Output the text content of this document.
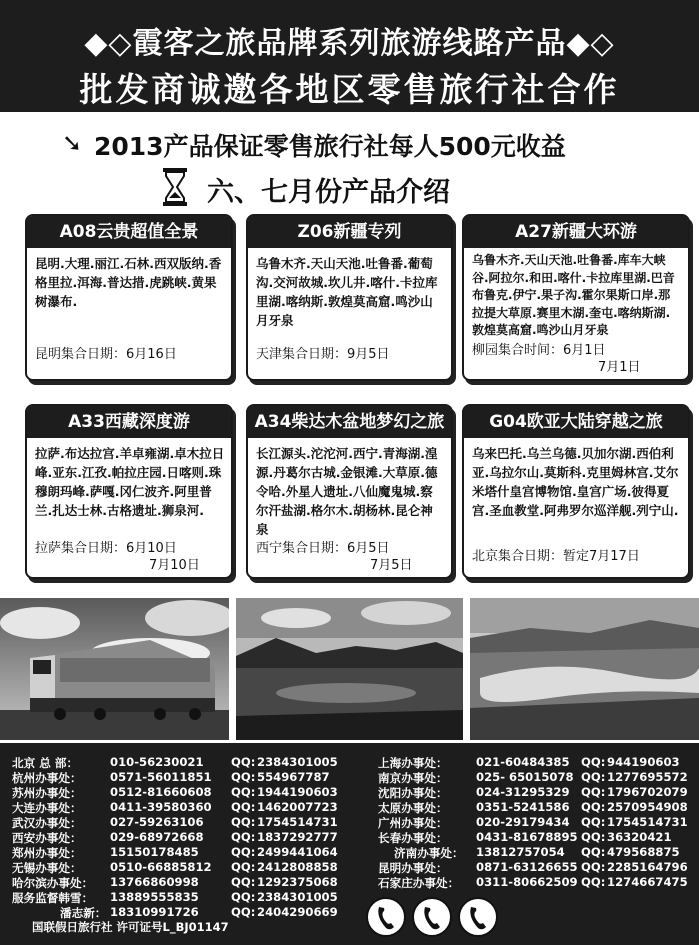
◆◇霞客之旅品牌系列旅游线路产品◆◇
批发商诚邀各地区零售旅行社合作
➘ 2013产品保证零售旅行社每人500元收益
六、七月份产品介绍
A08云贵超值全景
昆明.大理.丽江.石林.西双版纳.香格里拉.洱海.普达措.虎跳峡.黄果树瀑布.
昆明集合日期：6月16日
Z06新疆专列
乌鲁木齐.天山天池.吐鲁番.葡萄沟.交河故城.坎儿井.喀什.卡拉库里湖.喀纳斯.敦煌莫高窟.鸣沙山月牙泉
天津集合日期：9月5日
A27新疆大环游
乌鲁木齐.天山天池.吐鲁番.库车大峡谷.阿拉尔.和田.喀什.卡拉库里湖.巴音布鲁克.伊宁.果子沟.霍尔果斯口岸.那拉提大草原.赛里木湖.奎屯.喀纳斯湖.敦煌莫高窟.鸣沙山月牙泉
柳园集合时间：6月1日
7月1日
A33西藏深度游
拉萨.布达拉宫.羊卓雍湖.卓木拉日峰.亚东.江孜.帕拉庄园.日喀则.珠穆朗玛峰.萨嘎.冈仁波齐.阿里普兰.扎达士林.古格遗址.狮泉河.
拉萨集合日期：6月10日
7月10日
A34柴达木盆地梦幻之旅
长江源头.沱沱河.西宁.青海湖.湟源.丹葛尔古城.金银滩.大草原.德令哈.外星人遗址.八仙魔鬼城.察尔汗盐湖.格尔木.胡杨林.昆仑神泉
西宁集合日期：6月5日
7月5日
G04欧亚大陆穿越之旅
乌来巴托.乌兰乌德.贝加尔湖.西伯利亚.乌拉尔山.莫斯科.克里姆林宫.艾尔米塔什皇宫博物馆.皇宫广场.彼得夏宫.圣血教堂.阿弗罗尔巡洋舰.列宁山.
北京集合日期：暂定7月17日
北京 总 部：	010-56230021 QQ: 2384301005
杭州办事处： 0571-56011851 QQ: 554967787
苏州办事处： 0512-81660608 QQ: 1944190603
大连办事处： 0411-39580360 QQ: 1462007723
武汉办事处： 027-59263106 QQ: 1754514731
西安办事处： 029-68972668 QQ: 1837292777
郑州办事处： 15150178485	QQ: 2499441064
无锡办事处： 0510-66885812 QQ: 2412808858
哈尔滨办事处： 13766860998	QQ: 1292375068
服务监督韩雪： 13889555835	QQ: 2384301005
潘志新： 18310991726	QQ: 2404290669
上海办事处： 021-60484385 QQ: 944190603
南京办事处： 025- 65015078 QQ: 1277695572
沈阳办事处： 024-31295329 QQ: 1796702079
太原办事处： 0351-5241586 QQ: 2570954908
广州办事处： 020-29179434 QQ: 1754514731
长春办事处： 0431-81678895 QQ: 36320421
济南办事处： 13812757054 QQ: 479568875
昆明办事处： 0871-63126655 QQ: 2285164796
石家庄办事处： 0311-80662509 QQ: 1274667475
国联假日旅行社 许可证号L_BJ01147
